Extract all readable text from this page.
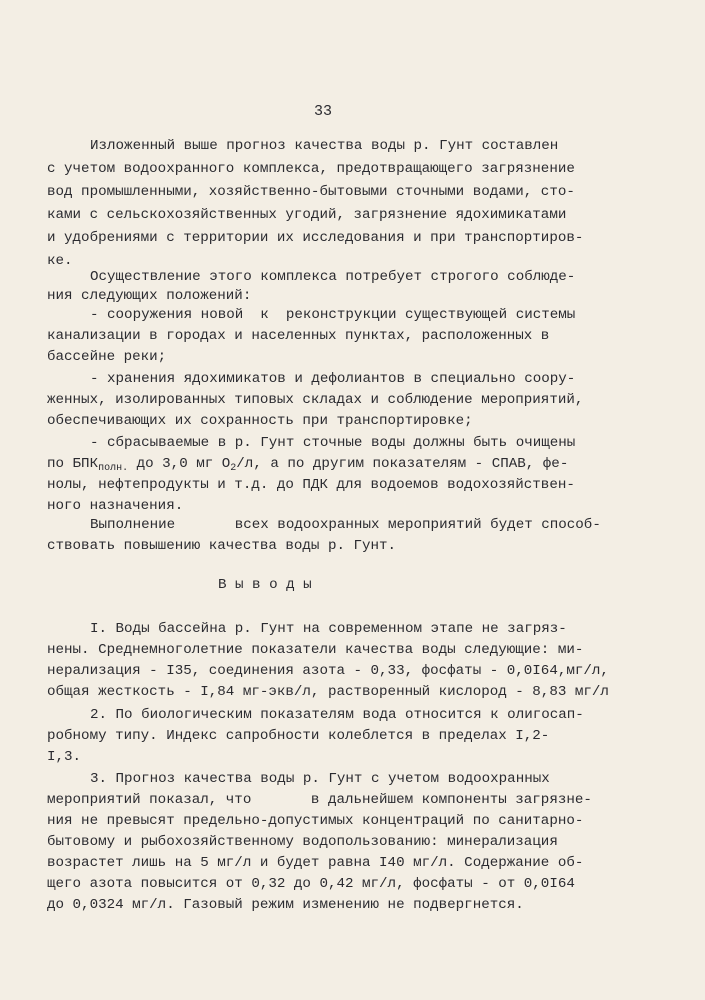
33
Изложенный выше прогноз качества воды р. Гунт составлен
с учетом водоохранного комплекса, предотвращающего загрязнение
вод промышленными, хозяйственно-бытовыми сточными водами, сто-
ками с сельскохозяйственных угодий, загрязнение ядохимикатами
и удобрениями с территории их исследования и при транспортиров-
ке.
Осуществление этого комплекса потребует строгого соблюде-
ния следующих положений:
- сооружения новой  к  реконструкции существующей системы
канализации в городах и населенных пунктах, расположенных в
бассейне реки;
- хранения ядохимикатов и дефолиантов в специально соору-
женных, изолированных типовых складах и соблюдение мероприятий,
обеспечивающих их сохранность при транспортировке;
- сбрасываемые в р. Гунт сточные воды должны быть очищены
по $БПК_{полн.}$ до 3,0 мг $О_2/л$, а по другим показателям - СПАВ, фе-
нолы, нефтепродукты и т.д. до ПДК для водоемов водохозяйствен-
ного назначения.
Выполнение       всех водоохранных мероприятий будет способ-
ствовать повышению качества воды р. Гунт.
В ы в о д ы
I. Воды бассейна р. Гунт на современном этапе не загряз-
нены. Среднемноголетние показатели качества воды следующие: ми-
нерализация - I35, соединения азота - 0,33, фосфаты - 0,0I64,мг/л,
общая жесткость - I,84 мг-экв/л, растворенный кислород - 8,83 мг/л
2. По биологическим показателям вода относится к олигосап-
робному типу. Индекс сапробности колеблется в пределах I,2-
I,3.
3. Прогноз качества воды р. Гунт с учетом водоохранных
мероприятий показал, что       в дальнейшем компоненты загрязне-
ния не превысят предельно-допустимых концентраций по санитарно-
бытовому и рыбохозяйственному водопользованию: минерализация
возрастет лишь на 5 мг/л и будет равна I40 мг/л. Содержание об-
щего азота повысится от 0,32 до 0,42 мг/л, фосфаты - от 0,0I64
до 0,0324 мг/л. Газовый режим изменению не подвергнется.
